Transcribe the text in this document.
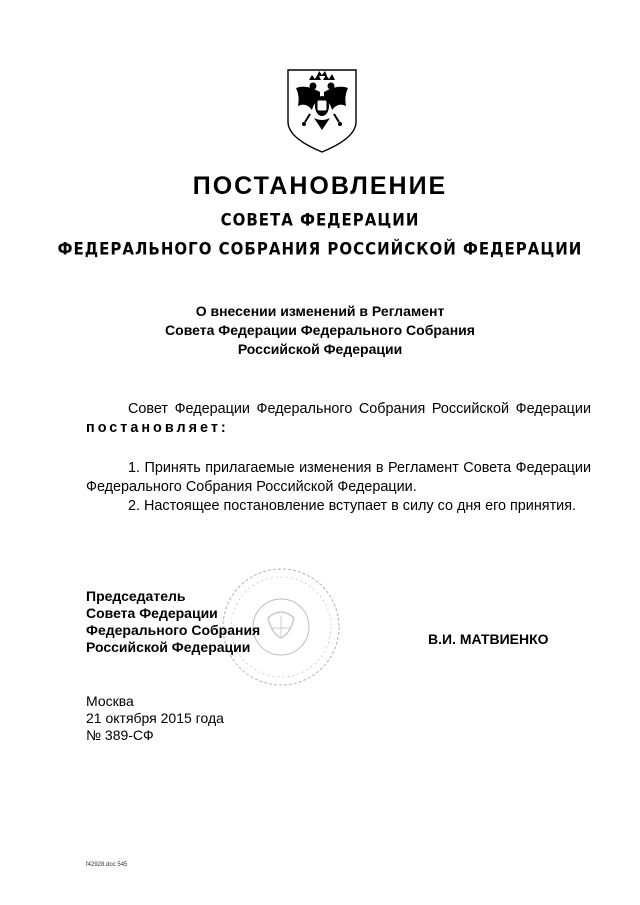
ПОСТАНОВЛЕНИЕ
СОВЕТА ФЕДЕРАЦИИ
ФЕДЕРАЛЬНОГО СОБРАНИЯ РОССИЙСКОЙ ФЕДЕРАЦИИ
О внесении изменений в Регламент
Совета Федерации Федерального Собрания
Российской Федерации
Совет Федерации Федерального Собрания Российской Федерации постановляет:
1. Принять прилагаемые изменения в Регламент Совета Федерации Федерального Собрания Российской Федерации.
2. Настоящее постановление вступает в силу со дня его принятия.
Председатель
Совета Федерации
Федерального Собрания
Российской Федерации	В.И. МАТВИЕНКО
Москва
21 октября 2015 года
№ 389-СФ
f42928.doc 545
